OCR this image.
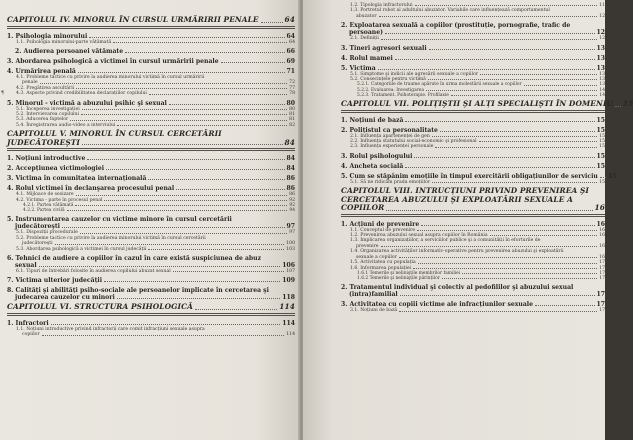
CAPITOLUL IV. MINORUL ÎN CURSUL URMĂRIRII PENALE	64
1. Psihologia minorului	64
1.1. Psihologia minorului-parte vătămată	64
2. Audierea persoanei vătămate	66
3. Abordarea psihologică a victimei în cursul urmăririi penale	69
4. Urmărirea penală	71
4.1. Probleme tactice cu privire la audierea minorului victimă în cursul urmăririi
penale	72
4.2. Pregătirea ascultării	77
¶	4.3. Aspecte privind credibilitatea declarațiilor copilului	78
5. Minorul - victimă a abuzului psihic şi sexual	80
5.1. Începerea investigației	80
5.2. Intervievarea copilului	81
5.3. Aducerea faptelor	81
5.4. Înregistrarea audio-video a interviului	82
CAPITOLUL V. MINORUL ÎN CURSUL CERCETĂRII
JUDECĂTOREŞTI	84
1. Noțiuni introductive	84
2. Accepțiunea victimologiei	84
3. Victima în comunitatea internațională	86
4. Rolul victimei în declanşarea procesului penal	86
4.1. Mijloace de sesizare	86
4.2. Victima - parte în procesul penal	92
4.2.1. Partea vătămată	92
4.2.2. Partea civilă	94
5. Instrumentarea cauzelor cu victime minore în cursul cercetării
judecătoreşti	97
5.1. Dispoziții procedurale	97
5.2. Probleme tactice cu privire la audierea minorului victimă în cursul cercetării
judecătoreşti	100
5.3. Abordarea psihologică a victimei în cursul judecății	103
6. Tehnici de audiere a copiilor în cazul în care există suspiciunea de abuz
sexual	106
6.1. Tipuri de întrebări folosite în audierea copilului abuzat sexual	107
7. Victima ulterior judecății	109
8. Calități şi abilități psiho-sociale ale persoanelor implicate în cercetarea şi
judecarea cauzelor cu minori	118
CAPITOLUL VI. STRUCTURA PSIHOLOGICĂ	114
1. Infractori	114
1.1. Noțiuni introductive privind infractorii care comit infracțiuni sexuale asupra
copiilor	114
1.2. Tipologia infractorului	11
1.3. Portretul robot al adultului abuzator. Variabile care influențează comportamentul
abuzator	12
2. Exploatarea sexuală a copiilor (prostituție, pornografie, trafic de
persoane)	12
2.1. Definiții	12
3. Tineri agresori sexuali	13
4. Rolul mamei	13
5. Victima	13
5.1. Simptome şi indicii ale agresării sexuale a copiilor	13
5.2. Consecințele pentru victimă	13
5.2.1. Categoriile de traume apărute în urma molestării sexuale a copiilor	13
5.2.2. Evaluarea. Investigarea	14
5.2.3. Tratament. Psihoterapie. Profilaxie	14
CAPITOLUL VII. POLIȚIŞTII ŞI ALȚI SPECIALIŞTI ÎN DOMENIU 15
1. Noțiuni de bază	15
2. Polițistul ca personalitate	15
2.1. Influența apartenenței de gen	15
2.2. Influența statutului social-economic şi profesional	15
2.3. Influența experienței personale	15
3. Rolul psihologului	15
4. Ancheta socială	15
5. Cum se stăpânim emoțiile în timpul exercitării obligațiunilor de serviciu 15
5.1. Să ne ridicăm prada emoțiilor	15
CAPITOLUL VIII. INTRUCȚIUNI PRIVIND PREVENIREA ŞI
CERCETAREA ABUZULUI ŞI EXPLOATĂRII SEXUALE A
COPIILOR	16
1. Acțiuni de prevenire	16
1.1. Conceptul de prevenire	16
1.2. Prevenirea abuzului sexual asupra copiilor în România	16
1.3. Implicarea organizațiilor, a serviciilor publice şi a comunității în eforturile de
prevenire	16
1.4. Organizarea activităților informativ-operative pentru prevenirea abuzului şi exploatării
sexuale a copiilor	16
1.5. Activitatea cu populația	17
1.6. Informarea populației	17
1.6.1 Temerile şi nelinişțile membrilor familiei	17
1.6.2 Temerile şi nelinişțile părinților	17
2. Tratamentul individual şi colectiv al pedofililor şi abuzului sexual
(intra)familial	17
3. Activitatea cu copiii victime ale infracțiunilor sexuale	17
3.1. Noțiuni de bază	17
